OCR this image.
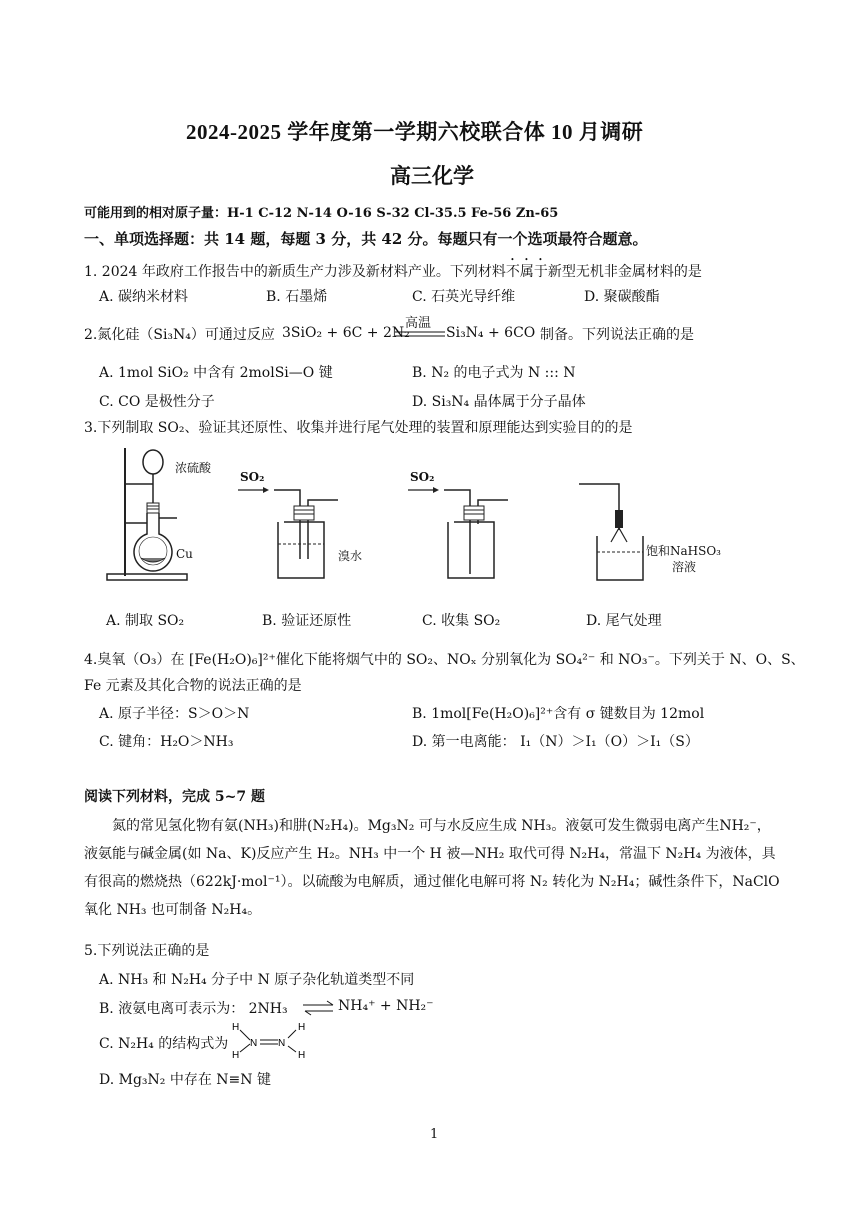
2024-2025 学年度第一学期六校联合体 10 月调研
高三化学
可能用到的相对原子量：H-1 C-12 N-14 O-16 S-32 Cl-35.5 Fe-56 Zn-65
一、单项选择题：共 14 题，每题 3 分，共 42 分。每题只有一个选项最符合题意。
1. 2024 年政府工作报告中的新质生产力涉及新材料产业。下列材料不属于新型无机非金属材料的是
A. 碳纳米材料	B. 石墨烯	C. 石英光导纤维	D. 聚碳酸酯
2.氮化硅（Si₃N₄）可通过反应 3SiO₂ + 6C + 2N₂
高温
Si₃N₄ + 6CO 制备。下列说法正确的是
A. 1mol SiO₂ 中含有 2molSi—O 键	B. N₂ 的电子式为 N ::: N
C. CO 是极性分子	D. Si₃N₄ 晶体属于分子晶体
3.下列制取 SO₂、验证其还原性、收集并进行尾气处理的装置和原理能达到实验目的的是
浓硫酸
Cu
SO₂
溴水
SO₂
饱和NaHSO₃
溶液
A. 制取 SO₂	B. 验证还原性	C. 收集 SO₂	D. 尾气处理
4.臭氧（O₃）在 [Fe(H₂O)₆]²⁺催化下能将烟气中的 SO₂、NOₓ 分别氧化为 SO₄²⁻ 和 NO₃⁻。下列关于 N、O、S、
Fe 元素及其化合物的说法正确的是
A. 原子半径：S＞O＞N	B. 1mol[Fe(H₂O)₆]²⁺含有 σ 键数目为 12mol
C. 键角：H₂O＞NH₃	D. 第一电离能： I₁（N）＞I₁（O）＞I₁（S）
阅读下列材料，完成 5~7 题
氮的常见氢化物有氨(NH₃)和肼(N₂H₄)。Mg₃N₂ 可与水反应生成 NH₃。液氨可发生微弱电离产生NH₂⁻，液氨能与碱金属(如 Na、K)反应产生 H₂。NH₃ 中一个 H 被—NH₂ 取代可得 N₂H₄，常温下 N₂H₄ 为液体，具有很高的燃烧热（622kJ·mol⁻¹）。以硫酸为电解质，通过催化电解可将 N₂ 转化为 N₂H₄；碱性条件下，NaClO 氧化 NH₃ 也可制备 N₂H₄。
5.下列说法正确的是
A. NH₃ 和 N₂H₄ 分子中 N 原子杂化轨道类型不同
B. 液氨电离可表示为： 2NH₃ ⇌ NH₄⁺ + NH₂⁻
C. N₂H₄ 的结构式为
H
H
N N
H
H
D. Mg₃N₂ 中存在 N≡N 键
1
